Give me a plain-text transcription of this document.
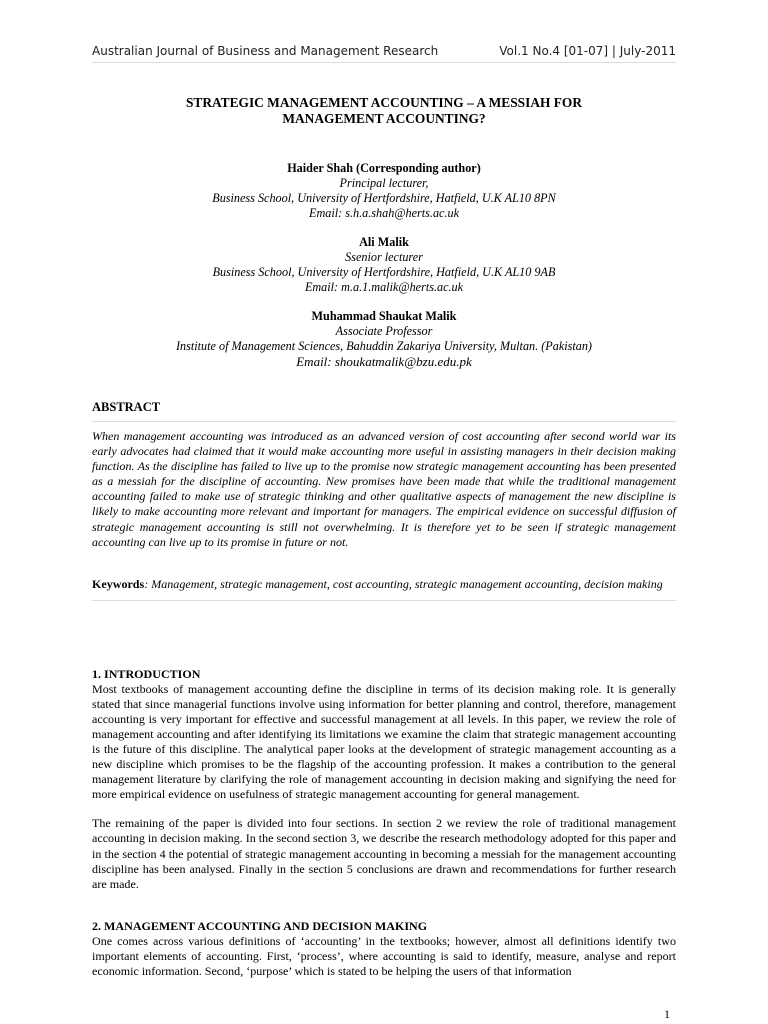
Australian Journal of Business and Management Research	Vol.1 No.4 [01-07] | July-2011
STRATEGIC MANAGEMENT ACCOUNTING – A MESSIAH FOR
MANAGEMENT ACCOUNTING?
Haider Shah (Corresponding author)
Principal lecturer,
Business School, University of Hertfordshire, Hatfield, U.K AL10 8PN
Email: s.h.a.shah@herts.ac.uk
Ali Malik
Ssenior lecturer
Business School, University of Hertfordshire, Hatfield, U.K AL10 9AB
Email: m.a.1.malik@herts.ac.uk
Muhammad Shaukat Malik
Associate Professor
Institute of Management Sciences, Bahuddin Zakariya University, Multan. (Pakistan)
Email: shoukatmalik@bzu.edu.pk
ABSTRACT
When management accounting was introduced as an advanced version of cost accounting after second world war its early advocates had claimed that it would make accounting more useful in assisting managers in their decision making function. As the discipline has failed to live up to the promise now strategic management accounting has been presented as a messiah for the discipline of accounting. New promises have been made that while the traditional management accounting failed to make use of strategic thinking and other qualitative aspects of management the new discipline is likely to make accounting more relevant and important for managers. The empirical evidence on successful diffusion of strategic management accounting is still not overwhelming. It is therefore yet to be seen if strategic management accounting can live up to its promise in future or not.
Keywords: Management, strategic management, cost accounting, strategic management accounting, decision making
1. INTRODUCTION

Most textbooks of management accounting define the discipline in terms of its decision making role. It is generally stated that since managerial functions involve using information for better planning and control, therefore, management accounting is very important for effective and successful management at all levels. In this paper, we review the role of management accounting and after identifying its limitations we examine the claim that strategic management accounting is the future of this discipline. The analytical paper looks at the development of strategic management accounting as a new discipline which promises to be the flagship of the accounting profession. It makes a contribution to the general management literature by clarifying the role of management accounting in decision making and signifying the need for more empirical evidence on usefulness of strategic management accounting for general management.

The remaining of the paper is divided into four sections. In section 2 we review the role of traditional management accounting in decision making. In the second section 3, we describe the research methodology adopted for this paper and in the section 4 the potential of strategic management accounting in becoming a messiah for the management accounting discipline has been analysed. Finally in the section 5 conclusions are drawn and recommendations for further research are made.

2. MANAGEMENT ACCOUNTING AND DECISION MAKING

One comes across various definitions of ‘accounting’ in the textbooks; however, almost all definitions identify two important elements of accounting. First, ‘process’, where accounting is said to identify, measure, analyse and report economic information. Second, ‘purpose’ which is stated to be helping the users of that information

1
